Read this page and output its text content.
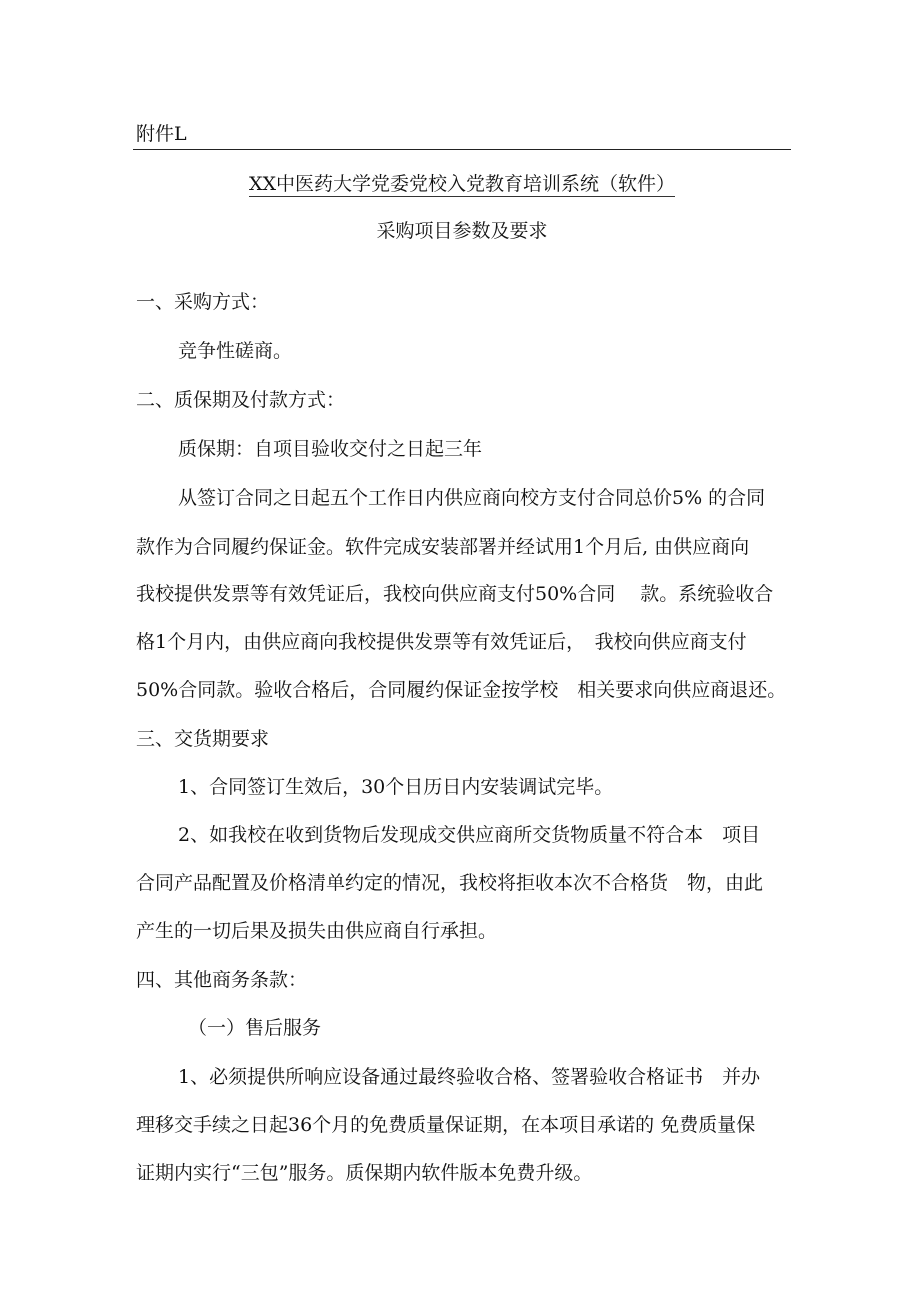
附件L
XX中医药大学党委党校入党教育培训系统（软件）
采购项目参数及要求
一、采购方式：
竞争性磋商。
二、质保期及付款方式：
质保期：自项目验收交付之日起三年
从签订合同之日起五个工作日内供应商向校方支付合同总价5% 的合同
款作为合同履约保证金。软件完成安装部署并经试用1个月后, 由供应商向
我校提供发票等有效凭证后，我校向供应商支付50%合同　 款。系统验收合
格1个月内，由供应商向我校提供发票等有效凭证后，　我校向供应商支付
50%合同款。验收合格后，合同履约保证金按学校　相关要求向供应商退还。
三、交货期要求
1、合同签订生效后，30个日历日内安装调试完毕。
2、如我校在收到货物后发现成交供应商所交货物质量不符合本　项目
合同产品配置及价格清单约定的情况，我校将拒收本次不合格货　物，由此
产生的一切后果及损失由供应商自行承担。
四、其他商务条款：
（一）售后服务
1、必须提供所响应设备通过最终验收合格、签署验收合格证书　并办
理移交手续之日起36个月的免费质量保证期，在本项目承诺的 免费质量保
证期内实行“三包”服务。质保期内软件版本免费升级。
